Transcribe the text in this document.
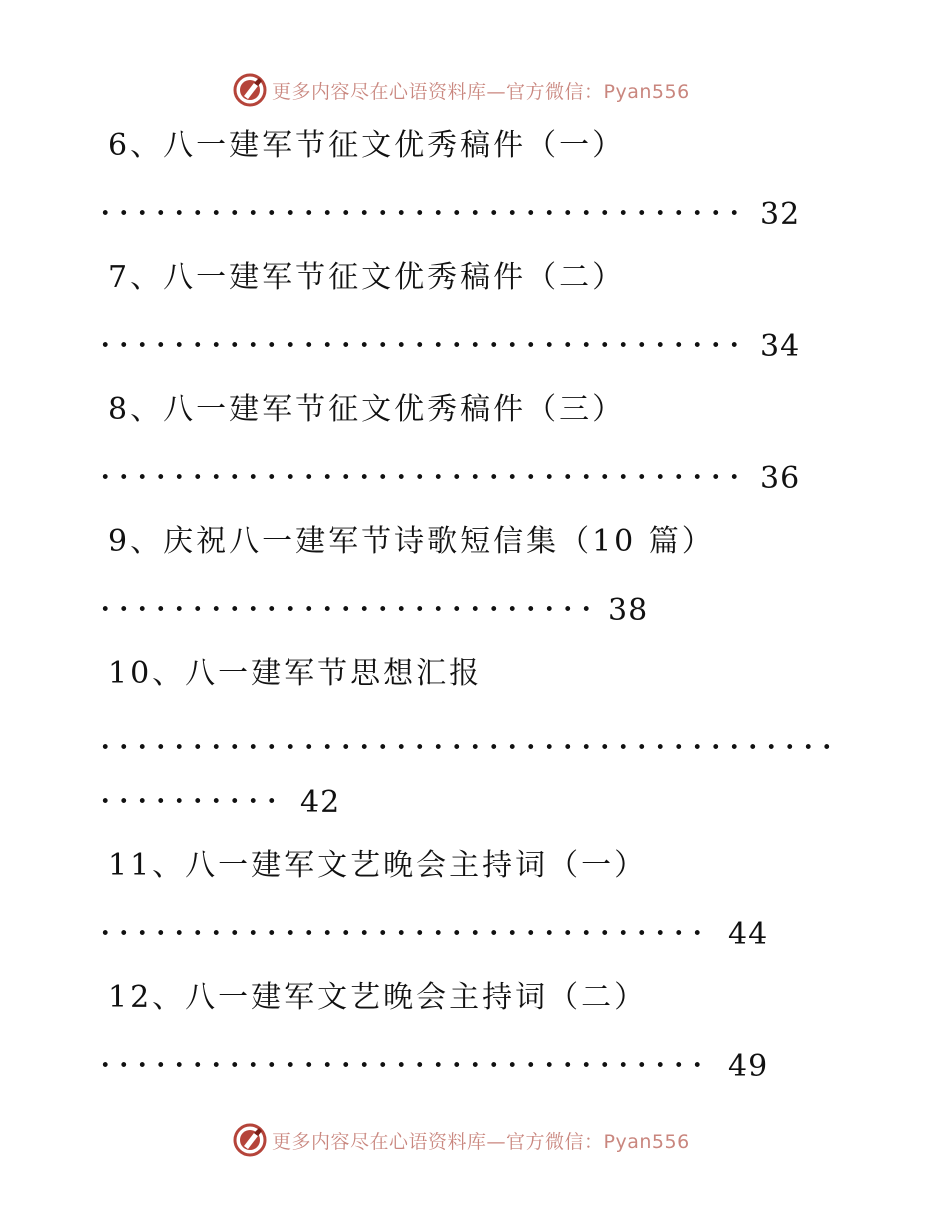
更多内容尽在心语资料库—官方微信：Pyan556
6、八一建军节征文优秀稿件（一）
32
7、八一建军节征文优秀稿件（二）
34
8、八一建军节征文优秀稿件（三）
36
9、庆祝八一建军节诗歌短信集（10 篇）
38
10、八一建军节思想汇报
42
11、八一建军文艺晚会主持词（一）
44
12、八一建军文艺晚会主持词（二）
49
更多内容尽在心语资料库—官方微信：Pyan556
